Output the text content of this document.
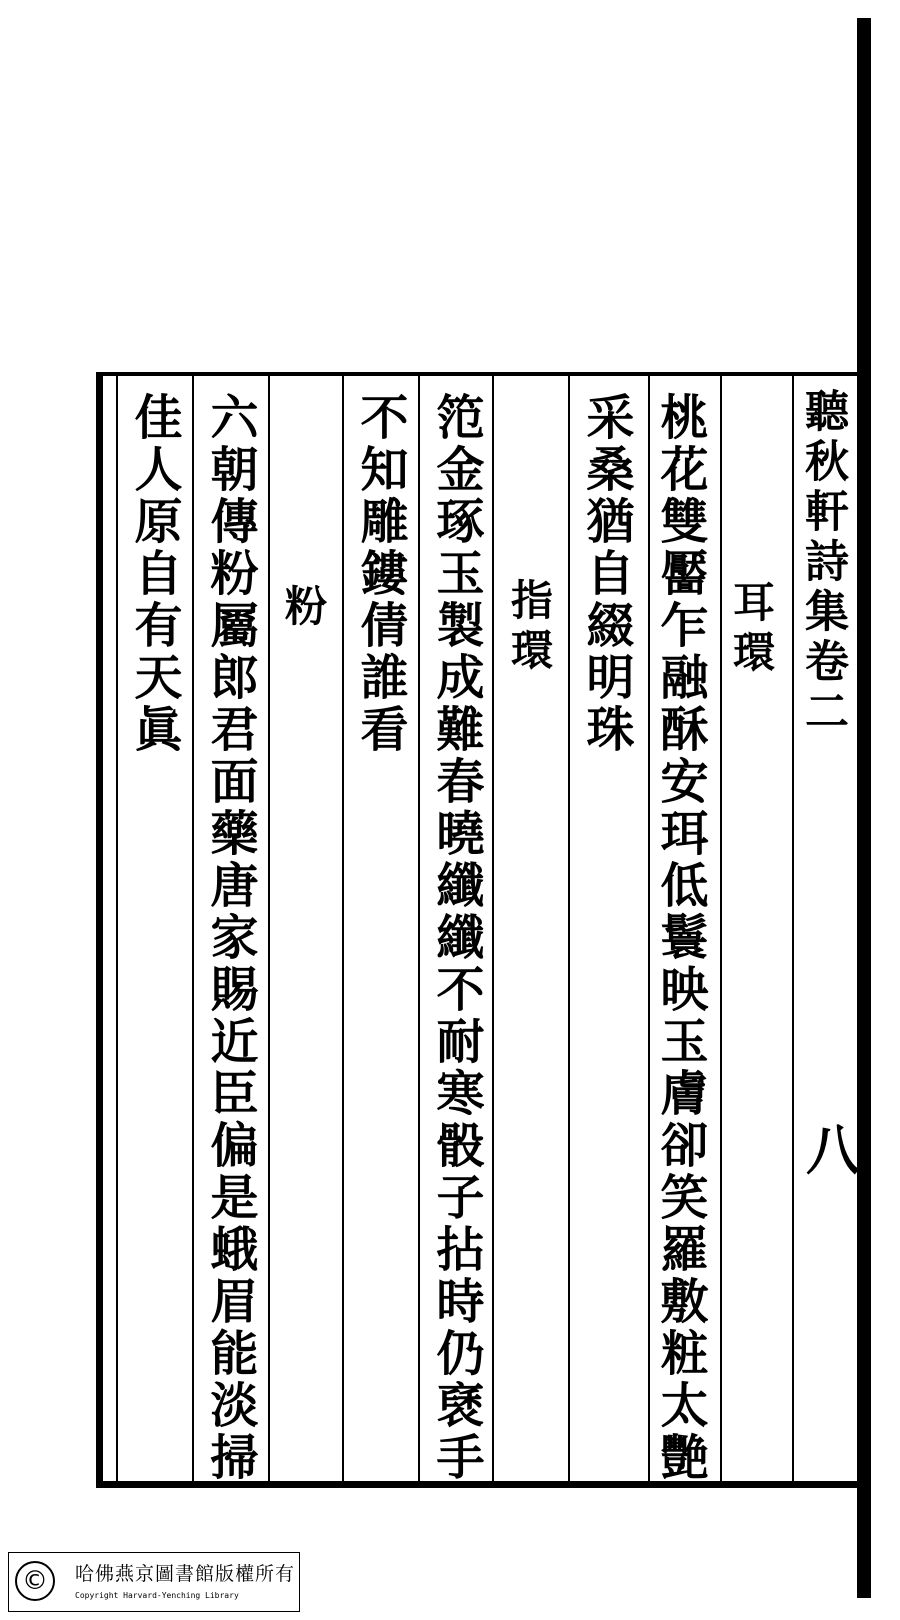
聽秋軒詩集卷二
耳環
桃花雙靨乍融酥安珥低鬟映玉膚卻笑羅敷粧太艷
采桑猶自綴明珠
指環
笵金琢玉製成難春曉纖纖不耐寒骰子拈時仍褎手
不知雕鏤倩誰看
粉
六朝傳粉屬郎君面藥唐家賜近臣偏是蛾眉能淡掃
佳人原自有天眞
八
©	哈佛燕京圖書館版權所有
Copyright Harvard-Yenching Library
